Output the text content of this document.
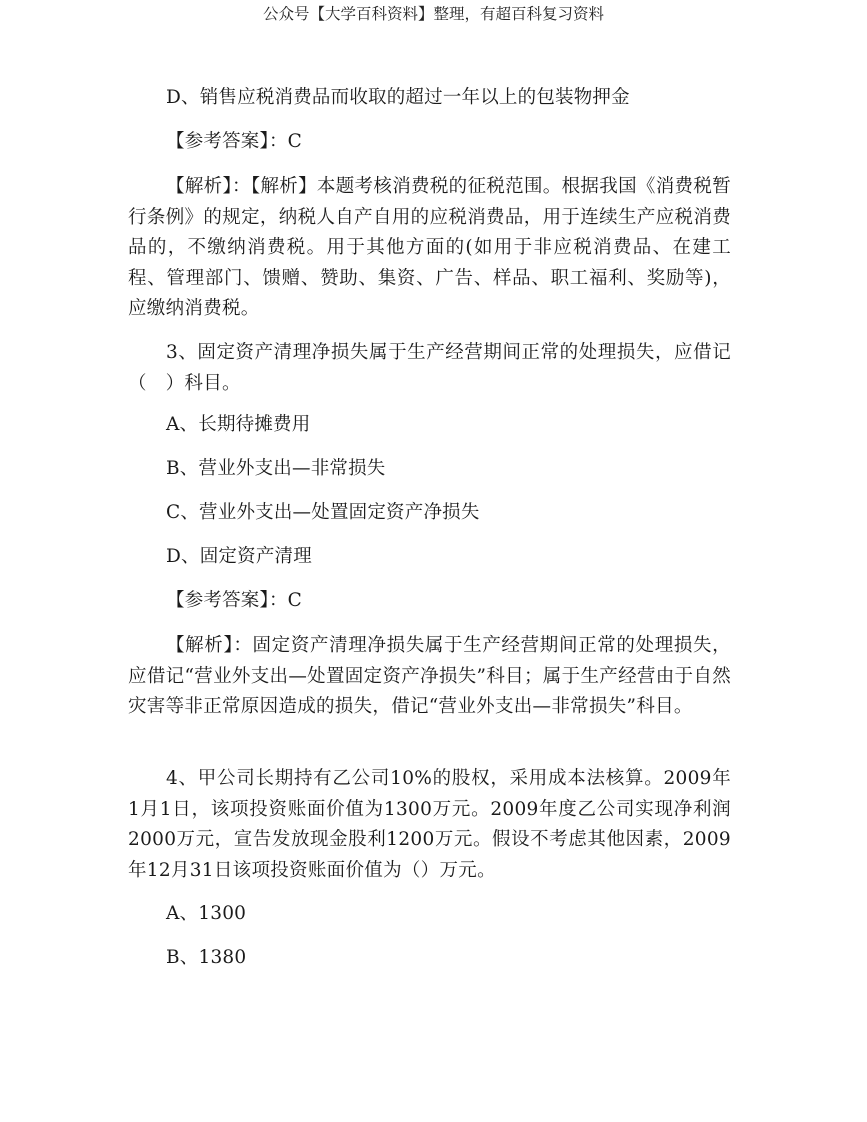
公众号【大学百科资料】整理，有超百科复习资料
D、销售应税消费品而收取的超过一年以上的包装物押金
【参考答案】：C
【解析】：【解析】本题考核消费税的征税范围。根据我国《消费税暂行条例》的规定，纳税人自产自用的应税消费品，用于连续生产应税消费品的，不缴纳消费税。用于其他方面的(如用于非应税消费品、在建工程、管理部门、馈赠、赞助、集资、广告、样品、职工福利、奖励等)，应缴纳消费税。
3、固定资产清理净损失属于生产经营期间正常的处理损失，应借记（　）科目。
A、长期待摊费用
B、营业外支出—非常损失
C、营业外支出—处置固定资产净损失
D、固定资产清理
【参考答案】：C
【解析】：固定资产清理净损失属于生产经营期间正常的处理损失，应借记“营业外支出—处置固定资产净损失”科目；属于生产经营由于自然灾害等非正常原因造成的损失，借记“营业外支出—非常损失”科目。
4、甲公司长期持有乙公司10%的股权，采用成本法核算。2009年1月1日，该项投资账面价值为1300万元。2009年度乙公司实现净利润2000万元，宣告发放现金股利1200万元。假设不考虑其他因素，2009年12月31日该项投资账面价值为（）万元。
A、1300
B、1380
